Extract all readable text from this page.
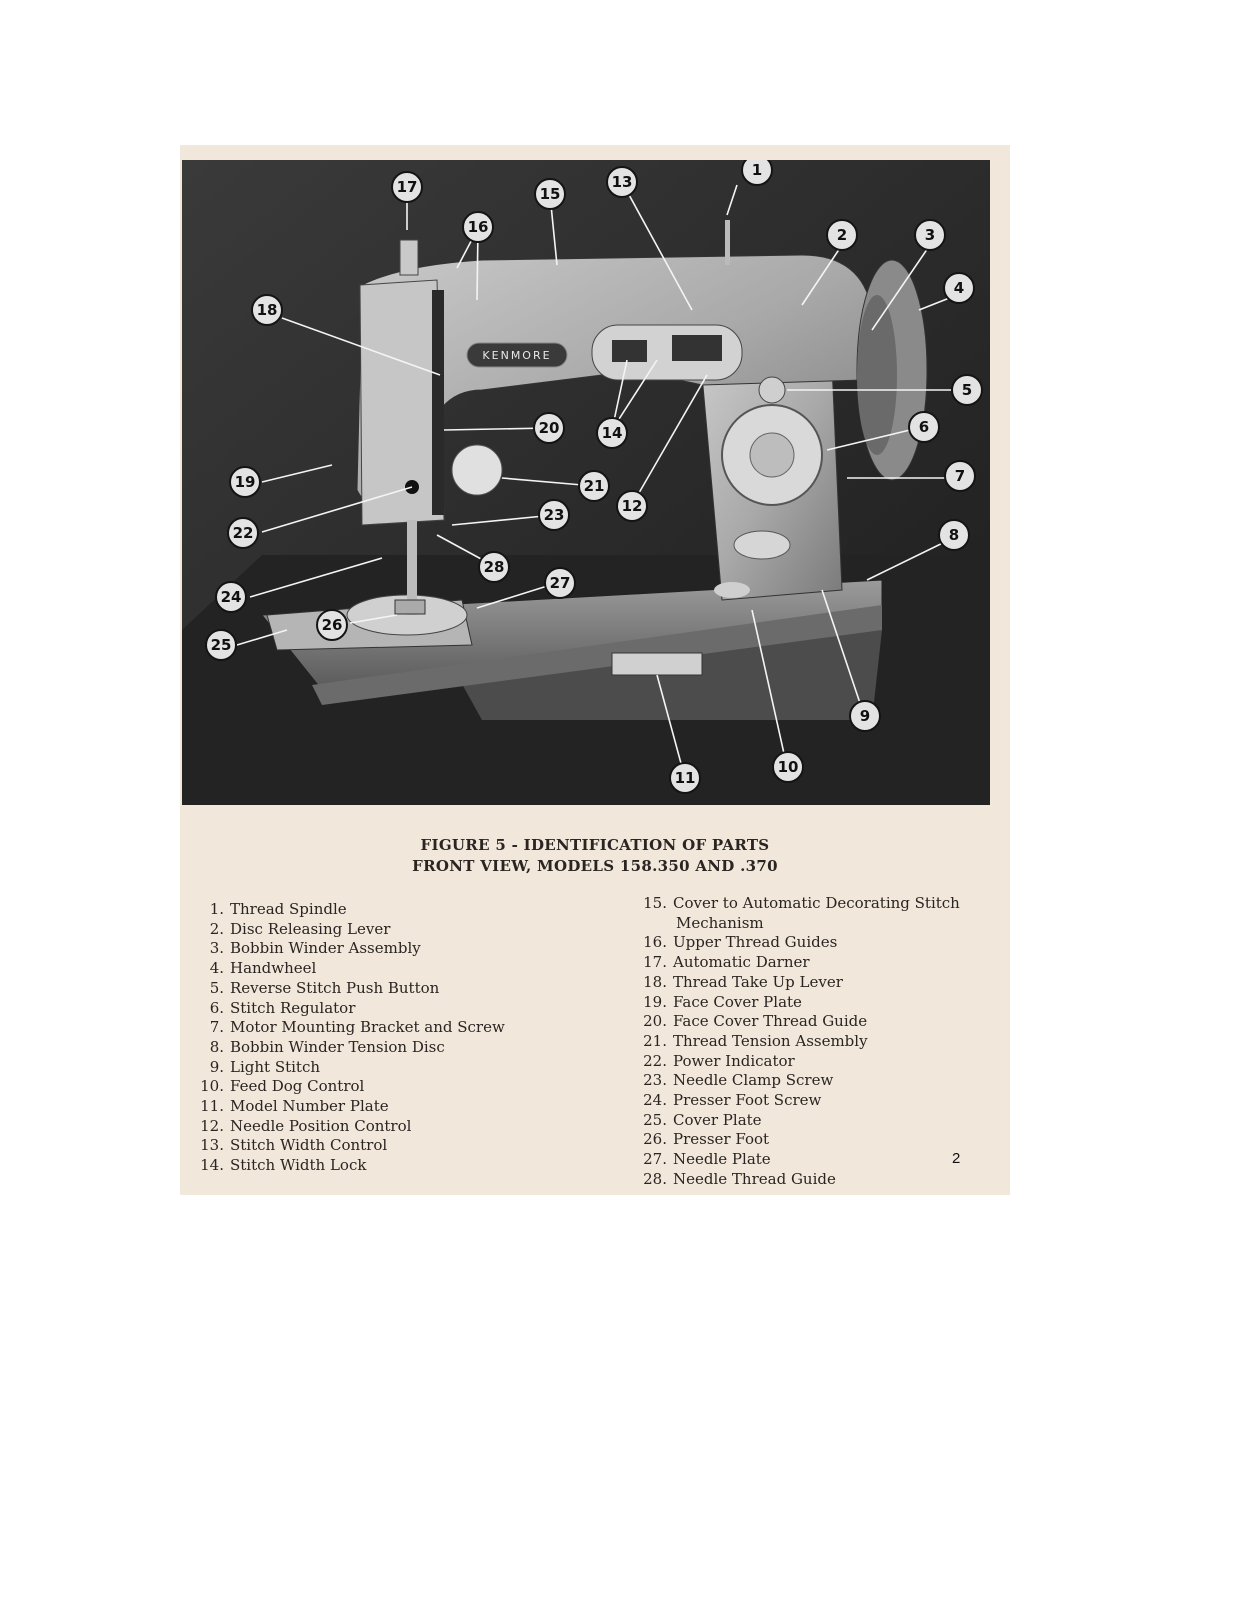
KENMORE
1
2	3
4
5
6
7
8
9
10
11
12
13
14
15
16
17
18
19
20
21
22
23
24
25
26
27
28
FIGURE 5 - IDENTIFICATION OF PARTS
FRONT VIEW, MODELS 158.350 AND .370
1. Thread Spindle
2. Disc Releasing Lever
3. Bobbin Winder Assembly
4. Handwheel
5. Reverse Stitch Push Button
6. Stitch Regulator
7. Motor Mounting Bracket and Screw
8. Bobbin Winder Tension Disc
9. Light Stitch
10. Feed Dog Control
11. Model Number Plate
12. Needle Position Control
13. Stitch Width Control
14. Stitch Width Lock
15. Cover to Automatic Decorating Stitch
Mechanism
16. Upper Thread Guides
17. Automatic Darner
18. Thread Take Up Lever
19. Face Cover Plate
20. Face Cover Thread Guide
21. Thread Tension Assembly
22. Power Indicator
23. Needle Clamp Screw
24. Presser Foot Screw
25. Cover Plate
26. Presser Foot
27. Needle Plate
28. Needle Thread Guide
2
